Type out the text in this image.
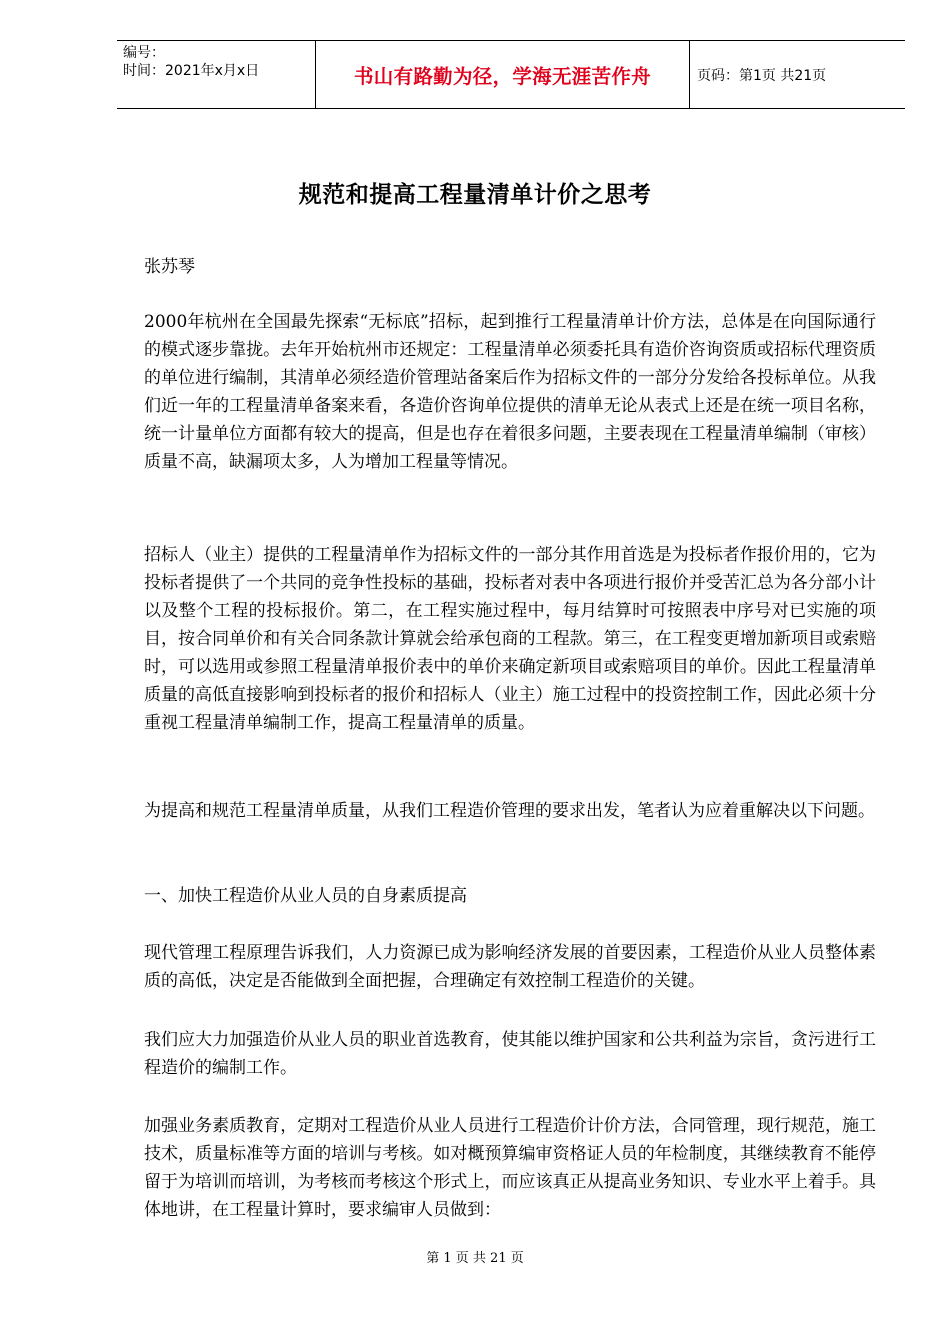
编号：
时间：2021年x月x日	书山有路勤为径，学海无涯苦作舟	页码：第1页 共21页
规范和提高工程量清单计价之思考
张苏琴

2000年杭州在全国最先探索“无标底”招标，起到推行工程量清单计价方法，总体是在向国际通行的模式逐步靠拢。去年开始杭州市还规定：工程量清单必须委托具有造价咨询资质或招标代理资质的单位进行编制，其清单必须经造价管理站备案后作为招标文件的一部分分发给各投标单位。从我们近一年的工程量清单备案来看，各造价咨询单位提供的清单无论从表式上还是在统一项目名称，统一计量单位方面都有较大的提高，但是也存在着很多问题，主要表现在工程量清单编制（审核）质量不高，缺漏项太多，人为增加工程量等情况。

招标人（业主）提供的工程量清单作为招标文件的一部分其作用首选是为投标者作报价用的，它为投标者提供了一个共同的竞争性投标的基础，投标者对表中各项进行报价并受苦汇总为各分部小计以及整个工程的投标报价。第二，在工程实施过程中，每月结算时可按照表中序号对已实施的项目，按合同单价和有关合同条款计算就会给承包商的工程款。第三，在工程变更增加新项目或索赔时，可以选用或参照工程量清单报价表中的单价来确定新项目或索赔项目的单价。因此工程量清单质量的高低直接影响到投标者的报价和招标人（业主）施工过程中的投资控制工作，因此必须十分重视工程量清单编制工作，提高工程量清单的质量。

为提高和规范工程量清单质量，从我们工程造价管理的要求出发，笔者认为应着重解决以下问题。

一、加快工程造价从业人员的自身素质提高

现代管理工程原理告诉我们，人力资源已成为影响经济发展的首要因素，工程造价从业人员整体素质的高低，决定是否能做到全面把握，合理确定有效控制工程造价的关键。

我们应大力加强造价从业人员的职业首选教育，使其能以维护国家和公共利益为宗旨，贪污进行工程造价的编制工作。

加强业务素质教育，定期对工程造价从业人员进行工程造价计价方法，合同管理，现行规范，施工技术，质量标准等方面的培训与考核。如对概预算编审资格证人员的年检制度，其继续教育不能停留于为培训而培训，为考核而考核这个形式上，而应该真正从提高业务知识、专业水平上着手。具体地讲，在工程量计算时，要求编审人员做到：

第 1 页 共 21 页
